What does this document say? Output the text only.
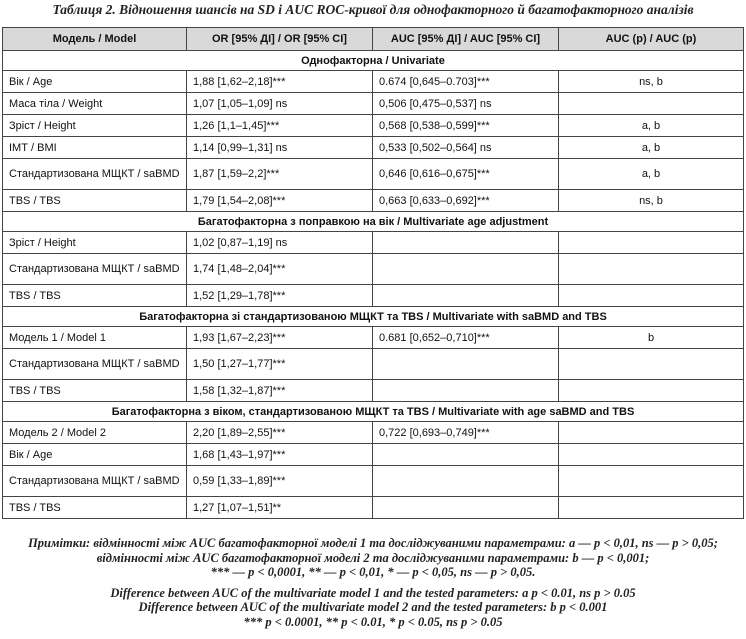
Таблиця 2. Відношення шансів на SD і AUC ROC-кривої для однофакторного й багатофакторного аналізів
Модель / Model	OR [95% ДІ] / OR [95% CI]	AUC [95% ДІ] / AUC [95% CI]	AUC (p) / AUC (p)
Однофакторна / Univariate			
Вік / Age	1,88 [1,62–2,18]***	0.674 [0,645–0.703]***	ns, b
Маса тіла / Weight	1,07 [1,05–1,09] ns	0,506 [0,475–0,537] ns	
Зріст / Height	1,26 [1,1–1,45]***	0,568 [0,538–0,599]***	a, b
ІМТ / BMI	1,14 [0,99–1,31] ns	0,533 [0,502–0,564] ns	a, b
Стандартизована МЩКТ / saBMD	1,87 [1,59–2,2]***	0,646 [0,616–0,675]***	a, b
TBS / TBS	1,79 [1,54–2,08]***	0,663 [0,633–0,692]***	ns, b
Багатофакторна з поправкою на вік / Multivariate age adjustment			
Зріст / Height	1,02 [0,87–1,19] ns		
Стандартизована МЩКТ / saBMD	1,74 [1,48–2,04]***		
TBS / TBS	1,52 [1,29–1,78]***		
Багатофакторна зі стандартизованою МЩКТ та TBS / Multivariate with saBMD and TBS			
Модель 1 / Model 1	1,93 [1,67–2,23]***	0.681 [0,652–0,710]***	b
Стандартизована МЩКТ / saBMD	1,50 [1,27–1,77]***		
TBS / TBS	1,58 [1,32–1,87]***		
Багатофакторна з віком, стандартизованою МЩКТ та TBS / Multivariate with age saBMD and TBS			
Модель 2 / Model 2	2,20 [1,89–2,55]***	0,722 [0,693–0,749]***	
Вік / Age	1,68 [1,43–1,97]***		
Стандартизована МЩКТ / saBMD	0,59 [1,33–1,89]***		
TBS / TBS	1,27 [1,07–1,51]**		
Примітки: відмінності між AUC багатофакторної моделі 1 та досліджуваними параметрами: a — p < 0,01, ns — p > 0,05;
відмінності між AUC багатофакторної моделі 2 та досліджуваними параметрами: b — p < 0,001;
*** — p < 0,0001, ** — p < 0,01, * — p < 0,05, ns — p > 0,05.
Difference between AUC of the multivariate model 1 and the tested parameters: a p < 0.01, ns p > 0.05
Difference between AUC of the multivariate model 2 and the tested parameters: b p < 0.001
*** p < 0.0001, ** p < 0.01, * p < 0.05, ns p > 0.05
